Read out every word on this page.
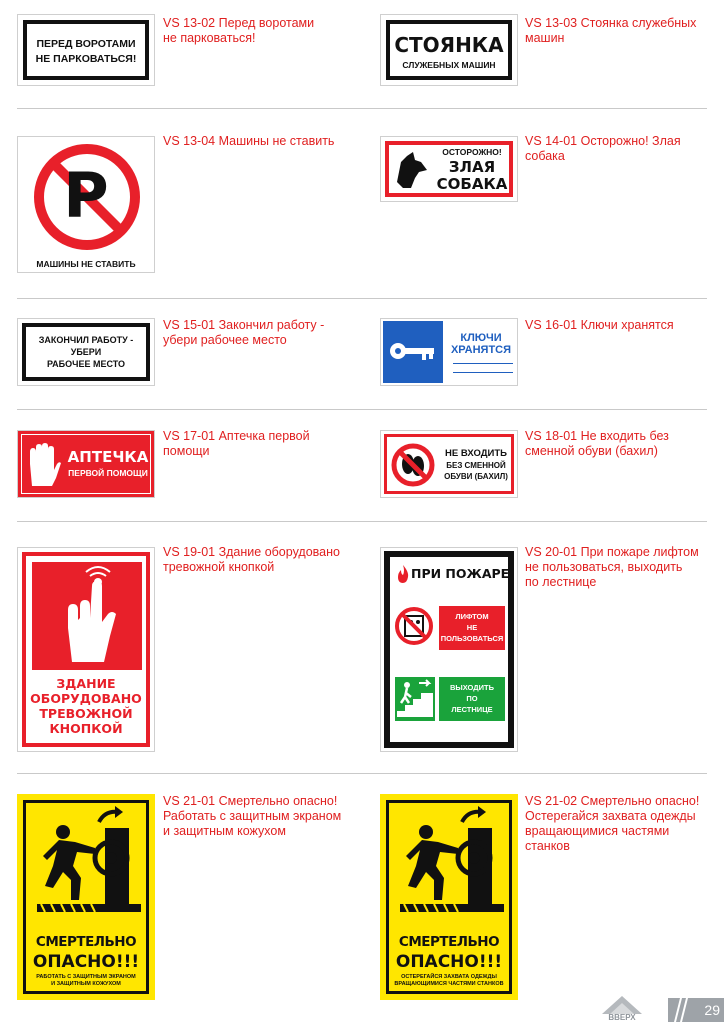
ПЕРЕД ВОРОТАМИ
НЕ ПАРКОВАТЬСЯ!
VS 13-02 Перед воротами
не парковаться!	СТОЯНКА
СЛУЖЕБНЫХ МАШИН
VS 13-03 Стоянка служебных
машин
P
МАШИНЫ НЕ СТАВИТЬ
VS 13-04 Машины не ставить
ОСТОРОЖНО!
ЗЛАЯ
СОБАКА
VS 14-01 Осторожно! Злая
собака
ЗАКОНЧИЛ РАБОТУ -
УБЕРИ
РАБОЧЕЕ МЕСТО
VS 15-01 Закончил работу -
убери рабочее место	КЛЮЧИ
ХРАНЯТСЯ
VS 16-01 Ключи хранятся
АПТЕЧКА
ПЕРВОЙ ПОМОЩИ
VS 17-01 Аптечка первой
помощи	НЕ ВХОДИТЬ
БЕЗ СМЕННОЙ
ОБУВИ (БАХИЛ)
VS 18-01 Не входить без
сменной обуви (бахил)
ЗДАНИЕ
ОБОРУДОВАНО
ТРЕВОЖНОЙ
КНОПКОЙ
VS 19-01 Здание оборудовано
тревожной кнопкой	ПРИ ПОЖАРЕ
ЛИФТОМ
НЕ
ПОЛЬЗОВАТЬСЯ
ВЫХОДИТЬ
ПО
ЛЕСТНИЦЕ
VS 20-01 При пожаре лифтом
не пользоваться, выходить
по лестнице
СМЕРТЕЛЬНО
ОПАСНО!!!
РАБОТАТЬ С ЗАЩИТНЫМ ЭКРАНОМ
И ЗАЩИТНЫМ КОЖУХОМ
VS 21-01 Смертельно опасно!
Работать с защитным экраном
и защитным кожухом
СМЕРТЕЛЬНО
ОПАСНО!!!
ОСТЕРЕГАЙСЯ ЗАХВАТА ОДЕЖДЫ
ВРАЩАЮЩИМИСЯ ЧАСТЯМИ СТАНКОВ
VS 21-02 Смертельно опасно!
Остерегайся захвата одежды
вращающимися частями
станков
ВВЕРХ	29
